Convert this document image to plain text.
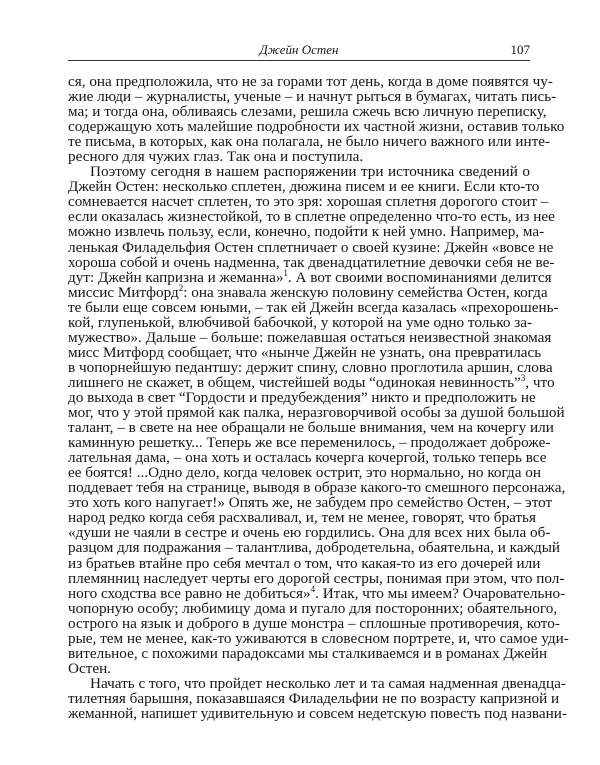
Джейн Остен	107
ся, она предположила, что не за горами тот день, когда в доме появятся чу-
жие люди – журналисты, ученые – и начнут рыться в бумагах, читать пись-
ма; и тогда она, обливаясь слезами, решила сжечь всю личную переписку,
содержащую хоть малейшие подробности их частной жизни, оставив только
те письма, в которых, как она полагала, не было ничего важного или инте-
ресного для чужих глаз. Так она и поступила.
Поэтому сегодня в нашем распоряжении три источника сведений о
Джейн Остен: несколько сплетен, дюжина писем и ее книги. Если кто-то
сомневается насчет сплетен, то это зря: хорошая сплетня дорогого стоит –
если оказалась жизнестойкой, то в сплетне определенно что-то есть, из нее
можно извлечь пользу, если, конечно, подойти к ней умно. Например, ма-
ленькая Филадельфия Остен сплетничает о своей кузине: Джейн «вовсе не
хороша собой и очень надменна, так двенадцатилетние девочки себя не ве-
дут: Джейн капризна и жеманна»$^1$. А вот своими воспоминаниями делится
миссис Митфорд$^2$: она знавала женскую половину семейства Остен, когда
те были еще совсем юными, – так ей Джейн всегда казалась «прехорошень-
кой, глупенькой, влюбчивой бабочкой, у которой на уме одно только за-
мужество». Дальше – больше: пожелавшая остаться неизвестной знакомая
мисс Митфорд сообщает, что «нынче Джейн не узнать, она превратилась
в чопорнейшую педантшу: держит спину, словно проглотила аршин, слова
лишнего не скажет, в общем, чистейшей воды “одинокая невинность”$^3$, что
до выхода в свет “Гордости и предубеждения” никто и предположить не
мог, что у этой прямой как палка, неразговорчивой особы за душой большой
талант, – в свете на нее обращали не больше внимания, чем на кочергу или
каминную решетку... Теперь же все переменилось, – продолжает доброже-
лательная дама, – она хоть и осталась кочерга кочергой, только теперь все
ее боятся! ...Одно дело, когда человек острит, это нормально, но когда он
поддевает тебя на странице, выводя в образе какого-то смешного персонажа,
это хоть кого напугает!» Опять же, не забудем про семейство Остен, – этот
народ редко когда себя расхваливал, и, тем не менее, говорят, что братья
«души не чаяли в сестре и очень ею гордились. Она для всех них была об-
разцом для подражания – талантлива, добродетельна, обаятельна, и каждый
из братьев втайне про себя мечтал о том, что какая-то из его дочерей или
племянниц наследует черты его дорогой сестры, понимая при этом, что пол-
ного сходства все равно не добиться»$^4$. Итак, что мы имеем? Очаровательно-
чопорную особу; любимицу дома и пугало для посторонних; обаятельного,
острого на язык и доброго в душе монстра – сплошные противоречия, кото-
рые, тем не менее, как-то уживаются в словесном портрете, и, что самое уди-
вительное, с похожими парадоксами мы сталкиваемся и в романах Джейн
Остен.
Начать с того, что пройдет несколько лет и та самая надменная двенадца-
тилетняя барышня, показавшаяся Филадельфии не по возрасту капризной и
жеманной, напишет удивительную и совсем недетскую повесть под названи-
